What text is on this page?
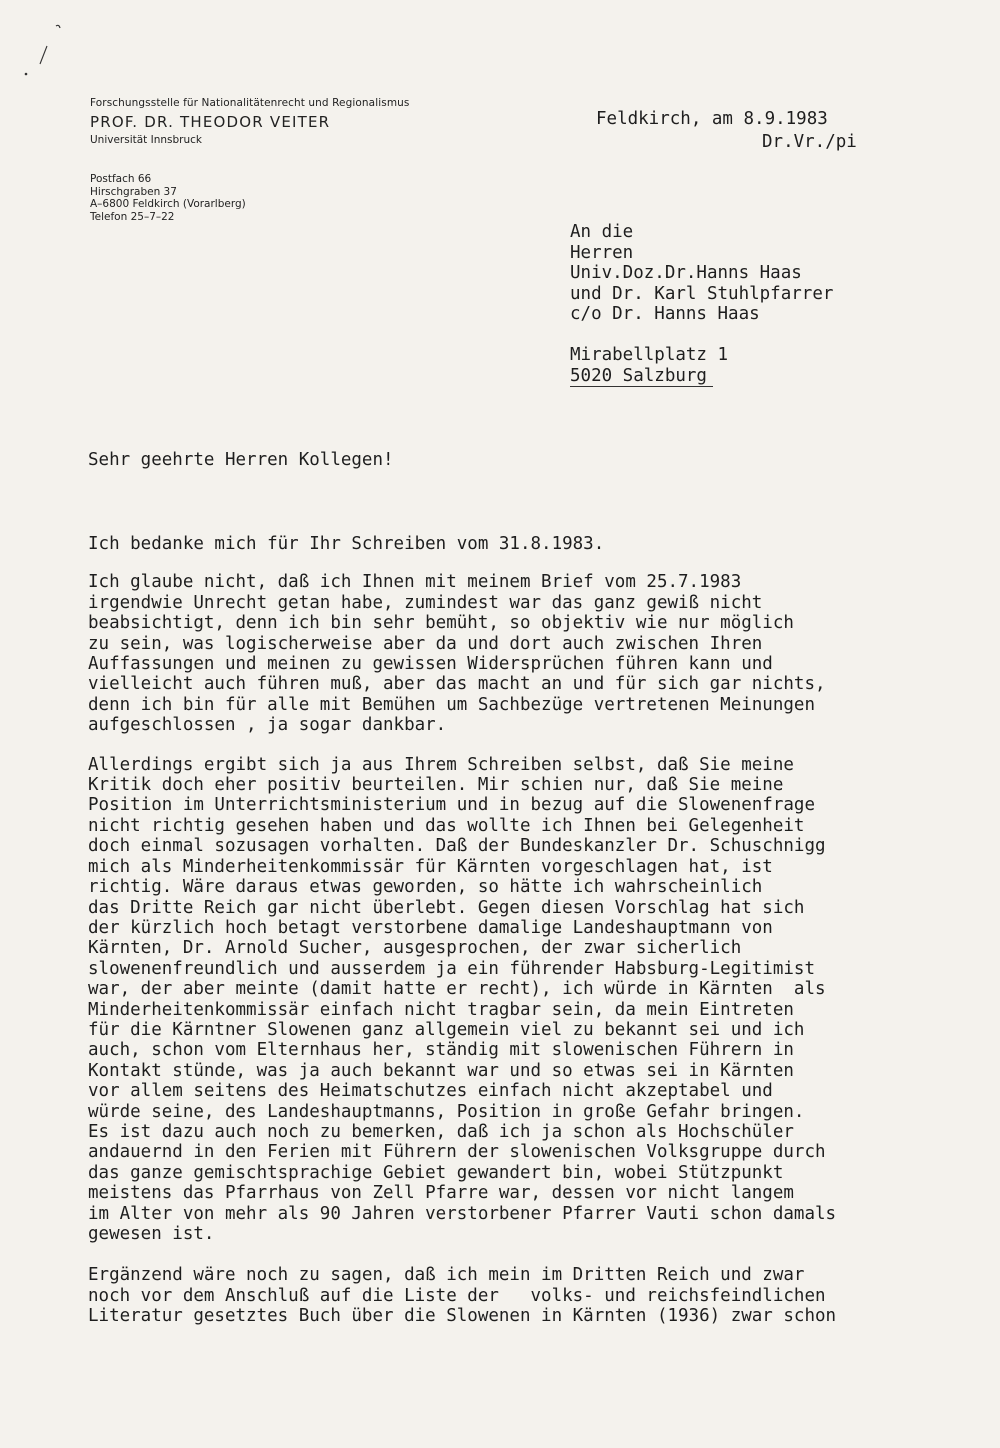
Forschungsstelle für Nationalitätenrecht und Regionalismus
PROF. DR. THEODOR VEITER
Universität Innsbruck
Postfach 66
Hirschgraben 37
A–6800 Feldkirch (Vorarlberg)
Telefon 25–7–22
Feldkirch, am 8.9.1983
Dr.Vr./pi
An die
Herren
Univ.Doz.Dr.Hanns Haas
und Dr. Karl Stuhlpfarrer
c/o Dr. Hanns Haas
Mirabellplatz 1
5020 Salzburg
Sehr geehrte Herren Kollegen!
Ich bedanke mich für Ihr Schreiben vom 31.8.1983.
Ich glaube nicht, daß ich Ihnen mit meinem Brief vom 25.7.1983
irgendwie Unrecht getan habe, zumindest war das ganz gewiß nicht
beabsichtigt, denn ich bin sehr bemüht, so objektiv wie nur möglich
zu sein, was logischerweise aber da und dort auch zwischen Ihren
Auffassungen und meinen zu gewissen Widersprüchen führen kann und
vielleicht auch führen muß, aber das macht an und für sich gar nichts,
denn ich bin für alle mit Bemühen um Sachbezüge vertretenen Meinungen
aufgeschlossen , ja sogar dankbar.
Allerdings ergibt sich ja aus Ihrem Schreiben selbst, daß Sie meine
Kritik doch eher positiv beurteilen. Mir schien nur, daß Sie meine
Position im Unterrichtsministerium und in bezug auf die Slowenenfrage
nicht richtig gesehen haben und das wollte ich Ihnen bei Gelegenheit
doch einmal sozusagen vorhalten. Daß der Bundeskanzler Dr. Schuschnigg
mich als Minderheitenkommissär für Kärnten vorgeschlagen hat, ist
richtig. Wäre daraus etwas geworden, so hätte ich wahrscheinlich
das Dritte Reich gar nicht überlebt. Gegen diesen Vorschlag hat sich
der kürzlich hoch betagt verstorbene damalige Landeshauptmann von
Kärnten, Dr. Arnold Sucher, ausgesprochen, der zwar sicherlich
slowenenfreundlich und ausserdem ja ein führender Habsburg-Legitimist
war, der aber meinte (damit hatte er recht), ich würde in Kärnten  als
Minderheitenkommissär einfach nicht tragbar sein, da mein Eintreten
für die Kärntner Slowenen ganz allgemein viel zu bekannt sei und ich
auch, schon vom Elternhaus her, ständig mit slowenischen Führern in
Kontakt stünde, was ja auch bekannt war und so etwas sei in Kärnten
vor allem seitens des Heimatschutzes einfach nicht akzeptabel und
würde seine, des Landeshauptmanns, Position in große Gefahr bringen.
Es ist dazu auch noch zu bemerken, daß ich ja schon als Hochschüler
andauernd in den Ferien mit Führern der slowenischen Volksgruppe durch
das ganze gemischtsprachige Gebiet gewandert bin, wobei Stützpunkt
meistens das Pfarrhaus von Zell Pfarre war, dessen vor nicht langem
im Alter von mehr als 90 Jahren verstorbener Pfarrer Vauti schon damals
gewesen ist.
Ergänzend wäre noch zu sagen, daß ich mein im Dritten Reich und zwar
noch vor dem Anschluß auf die Liste der   volks- und reichsfeindlichen
Literatur gesetztes Buch über die Slowenen in Kärnten (1936) zwar schon
